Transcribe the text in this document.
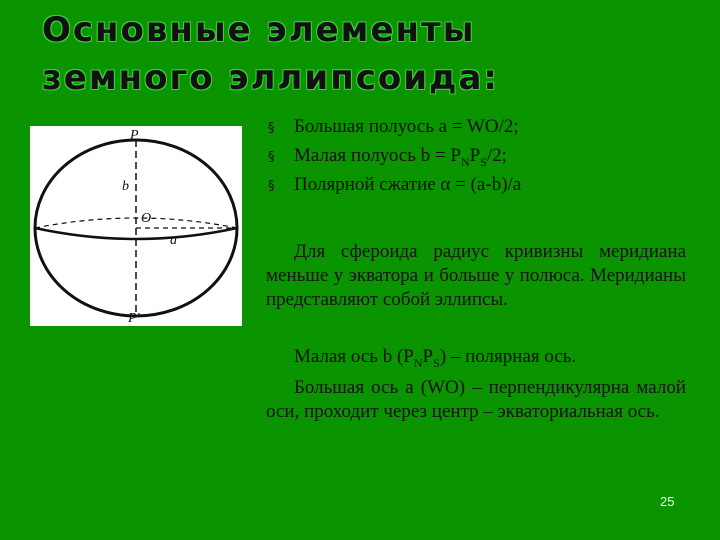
Основные элементы
земного эллипсоида:
P
b
O
a
P'
§ Большая полуось a = WO/2;
§ Малая полуось $b = P_NP_S/2$;
§ Полярной сжатие α = (a-b)/a
Для сфероида радиус кривизны меридиана меньше у экватора и больше у полюса. Меридианы представляют собой эллипсы.
Малая ось b $(P_NP_S)$ – полярная ось.
Большая ось a (WO) – перпендикулярна малой оси, проходит через центр – экваториальная ось.
25
